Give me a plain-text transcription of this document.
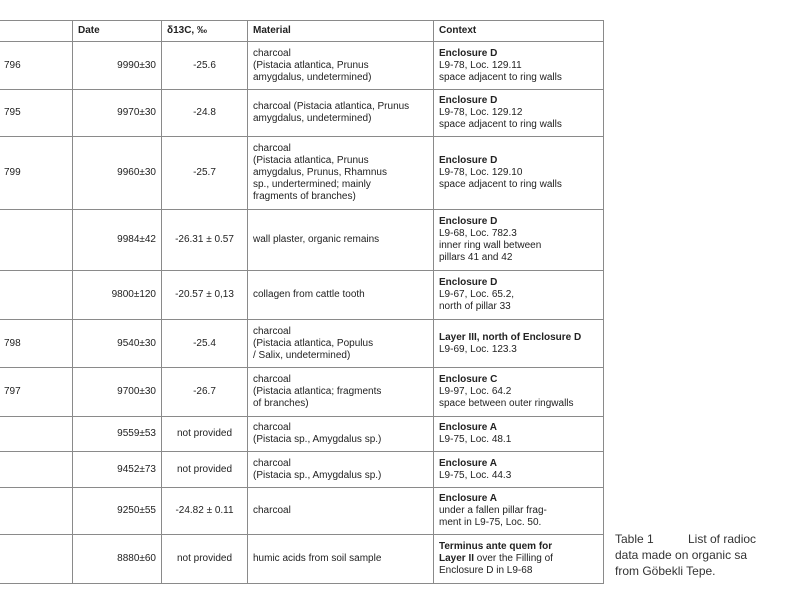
	Date	δ13C, ‰	Material	Context
796	9990±30	-25.6	charcoal
(Pistacia atlantica, Prunus
amygdalus, undetermined)	Enclosure D
L9-78, Loc. 129.11
space adjacent to ring walls

795	9970±30	-24.8	charcoal (Pistacia atlantica, Prunus
amygdalus, undetermined)	Enclosure D
L9-78, Loc. 129.12
space adjacent to ring walls

799	9960±30	-25.7	charcoal
(Pistacia atlantica, Prunus
amygdalus, Prunus, Rhamnus
sp., undertermined; mainly
fragments of branches)	Enclosure D
L9-78, Loc. 129.10
space adjacent to ring walls

	9984±42	-26.31 ± 0.57	wall plaster, organic remains	Enclosure D
L9-68, Loc. 782.3
inner ring wall between
pillars 41 and 42

	9800±120	-20.57 ± 0,13	collagen from cattle tooth	Enclosure D
L9-67, Loc. 65.2,
north of pillar 33

798	9540±30	-25.4	charcoal
(Pistacia atlantica, Populus
/ Salix, undetermined)	Layer III, north of Enclosure D
L9-69, Loc. 123.3

797	9700±30	-26.7	charcoal
(Pistacia atlantica; fragments
of branches)	Enclosure C
L9-97, Loc. 64.2
space between outer ringwalls

	9559±53	not provided	charcoal
(Pistacia sp., Amygdalus sp.)	Enclosure A
L9-75, Loc. 48.1

	9452±73	not provided	charcoal
(Pistacia sp., Amygdalus sp.)	Enclosure A
L9-75, Loc. 44.3

	9250±55	-24.82 ± 0.11	charcoal	Enclosure A
under a fallen pillar frag-
ment in L9-75, Loc. 50.

	8880±60	not provided	humic acids from soil sample	Terminus ante quem for
Layer II over the Filling of
Enclosure D in L9-68
Table 1	List of radioc
data made on organic sa
from Göbekli Tepe.
